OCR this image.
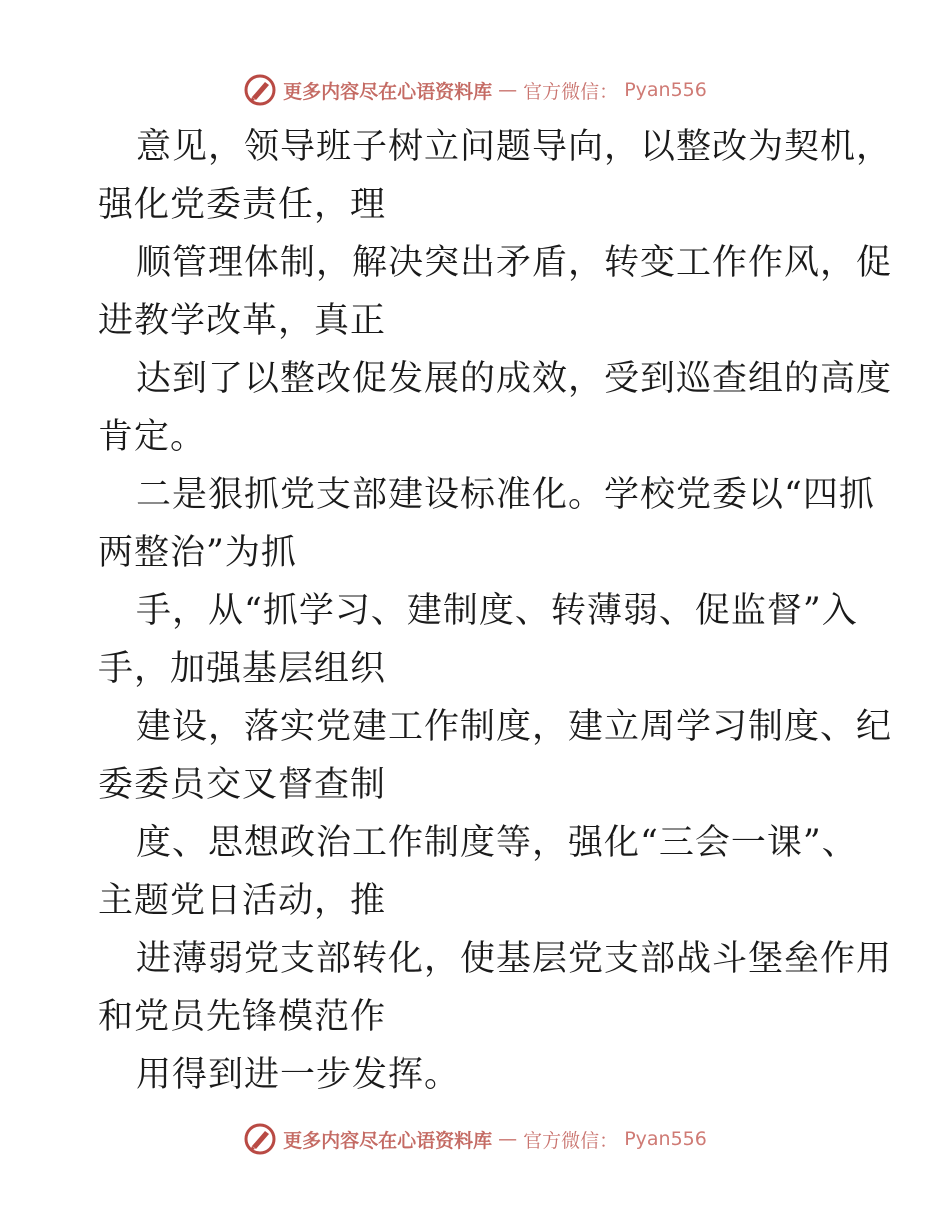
更多内容尽在心语资料库 — 官方微信： Pyan556
意见，领导班子树立问题导向，以整改为契机，
强化党委责任，理
顺管理体制，解决突出矛盾，转变工作作风，促
进教学改革，真正
达到了以整改促发展的成效，受到巡查组的高度
肯定。
二是狠抓党支部建设标准化。学校党委以“四抓
两整治”为抓
手，从“抓学习、建制度、转薄弱、促监督”入
手，加强基层组织
建设，落实党建工作制度，建立周学习制度、纪
委委员交叉督查制
度、思想政治工作制度等，强化“三会一课”、
主题党日活动，推
进薄弱党支部转化，使基层党支部战斗堡垒作用
和党员先锋模范作
用得到进一步发挥。
更多内容尽在心语资料库 — 官方微信： Pyan556
